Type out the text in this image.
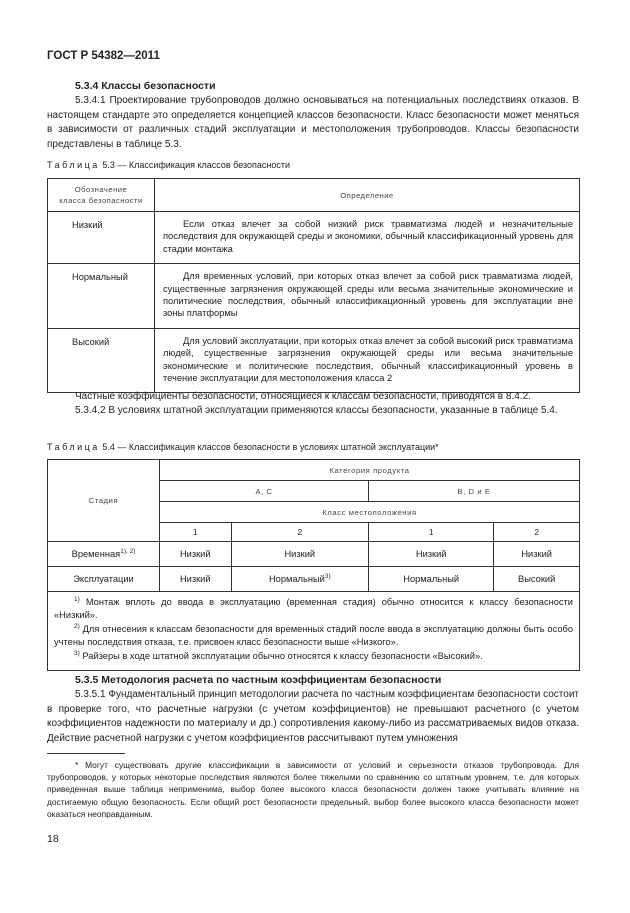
ГОСТ Р 54382—2011
5.3.4 Классы безопасности

5.3.4.1 Проектирование трубопроводов должно основываться на потенциальных последствиях отказов. В настоящем стандарте это определяется концепцией классов безопасности. Класс безопасности может меняться в зависимости от различных стадий эксплуатации и местоположения трубопроводов. Классы безопасности представлены в таблице 5.3.

Таблица 5.3 — Классификация классов безопасности
Обозначение
класса безопасности	Определение
Низкий	Если отказ влечет за собой низкий риск травматизма людей и незначительные последствия для окружающей среды и экономики, обычный классификационный уровень для стадии монтажа
Нормальный	Для временных условий, при которых отказ влечет за собой риск травматизма людей, существенные загрязнения окружающей среды или весьма значительные экономические и политические последствия, обычный классификационный уровень для эксплуатации вне зоны платформы
Высокий	Для условий эксплуатации, при которых отказ влечет за собой высокий риск травматизма людей, существенные загрязнения окружающей среды или весьма значительные экономические и политические последствия, обычный классификационный уровень в течение эксплуатации для местоположения класса 2

Частные коэффициенты безопасности, относящиеся к классам безопасности, приводятся в 8.4.2.

5.3.4.2 В условиях штатной эксплуатации применяются классы безопасности, указанные в таблице 5.4.

Таблица 5.4 — Классификация классов безопасности в условиях штатной эксплуатации*
Стадия	Категория продукта			
	А, С		В, D и Е	
	Класс местоположения			
	1	2	1	2
Временная$^{1), 2)}$	Низкий	Низкий	Низкий	Низкий
Эксплуатации	Низкий	Нормальный$^{3)}$	Нормальный	Высокий

$^{1)}$ Монтаж вплоть до ввода в эксплуатацию (временная стадия) обычно относится к классу безопасности «Низкий».

$^{2)}$ Для отнесения к классам безопасности для временных стадий после ввода в эксплуатацию должны быть особо учтены последствия отказа, т.е. присвоен класс безопасности выше «Низкого».

$^{3)}$ Райзеры в ходе штатной эксплуатации обычно относятся к классу безопасности «Высокий».				

5.3.5 Методология расчета по частным коэффициентам безопасности

5.3.5.1 Фундаментальный принцип методологии расчета по частным коэффициентам безопасности состоит в проверке того, что расчетные нагрузки (с учетом коэффициентов) не превышают расчетного (с учетом коэффициентов надежности по материалу и др.) сопротивления какому-либо из рассматриваемых видов отказа. Действие расчетной нагрузки с учетом коэффициентов рассчитывают путем умножения

* Могут существовать другие классификации в зависимости от условий и серьезности отказов трубопровода. Для трубопроводов, у которых некоторые последствия являются более тяжелыми по сравнению со штатным уровнем, т.е. для которых приведенная выше таблица неприменима, выбор более высокого класса безопасности должен также учитывать влияние на достигаемую общую безопасность. Если общий рост безопасности предельный, выбор более высокого класса безопасности может оказаться неоправданным.

18
